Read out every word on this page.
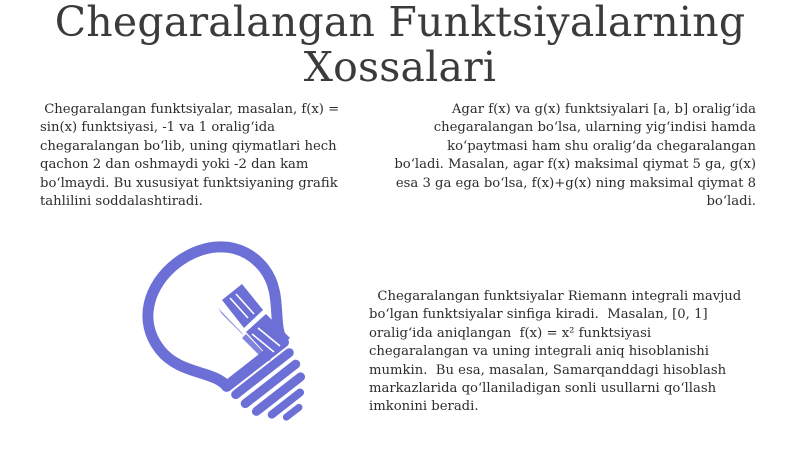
Chegaralangan Funktsiyalarning
Xossalari
Chegaralangan funktsiyalar, masalan, f(x) = sin(x) funktsiyasi, -1 va 1 oralig‘ida chegaralangan bo‘lib, uning qiymatlari hech qachon 2 dan oshmaydi yoki -2 dan kam bo‘lmaydi. Bu xususiyat funktsiyaning grafik tahlilini soddalashtiradi.
Agar f(x) va g(x) funktsiyalari [a, b] oralig‘ida chegaralangan bo‘lsa, ularning yig‘indisi hamda ko‘paytmasi ham shu oralig‘da chegaralangan bo‘ladi. Masalan, agar f(x) maksimal qiymat 5 ga, g(x) esa 3 ga ega bo‘lsa, f(x)+g(x) ning maksimal qiymat 8 bo‘ladi.
Chegaralangan funktsiyalar Riemann integrali mavjud bo‘lgan funktsiyalar sinfiga kiradi.  Masalan, [0, 1] oralig‘ida aniqlangan  f(x) = x² funktsiyasi chegaralangan va uning integrali aniq hisoblanishi mumkin.  Bu esa, masalan, Samarqanddagi hisoblash markazlarida qo‘llaniladigan sonli usullarni qo‘llash imkonini beradi.
